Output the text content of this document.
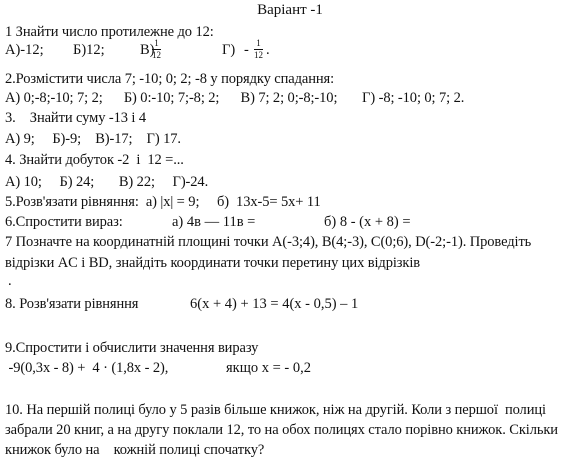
Варіант -1
1 Знайти число протилежне до 12:
А)-12; Б)12; В) 1
12	Г) - 1
12 .
2.Розмістити числа 7; -10; 0; 2; -8 у порядку спадання:
А) 0;-8;-10; 7; 2;      Б) 0:-10; 7;-8; 2;      В) 7; 2; 0;-8;-10;       Г) -8; -10; 0; 7; 2.
3.    Знайти суму -13 і 4
А) 9;     Б)-9;    В)-17;    Г) 17.
4. Знайти добуток -2  і  12 =...
А) 10;     Б) 24;       В) 22;     Г)-24.
5.Розв'язати рівняння:  а) |x| = 9;     б)  13x-5= 5x+ 11
6.Спростити вираз:	а) 4в — 11в =	б) 8 - (x + 8) =
7 Позначте на координатній площині точки А(-3;4), В(4;-3), С(0;6), D(-2;-1). Проведіть
відрізки AC і BD, знайдіть координати точки перетину цих відрізків
.
8. Розв'язати рівняння	6(x + 4) + 13 = 4(x - 0,5) – 1
9.Спростити і обчислити значення виразу
-9(0,3x - 8) +  4 · (1,8x - 2),	якщо x = - 0,2
10. На першій полиці було у 5 разів більше книжок, ніж на другій. Коли з першої  полиці
забрали 20 книг, а на другу поклали 12, то на обох полицях стало порівно книжок. Скільки
книжок було на    кожній полиці спочатку?
